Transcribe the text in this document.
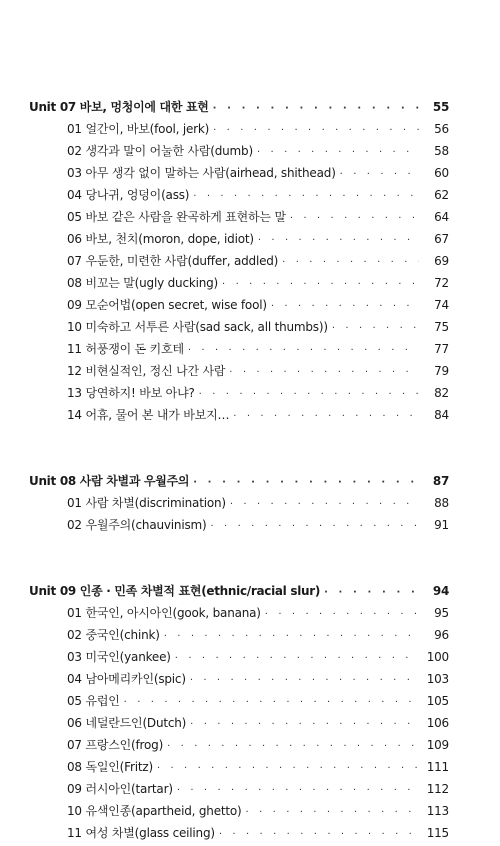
Unit 07 바보, 멍청이에 대한 표현 · · ·	55
01 얼간이, 바보(fool, jerk) · · ·	56
02 생각과 말이 어눌한 사람(dumb) · · ·	58
03 아무 생각 없이 말하는 사람(airhead, shithead) · · ·	60
04 당나귀, 엉덩이(ass) · · ·	62
05 바보 같은 사람을 완곡하게 표현하는 말 · · ·	64
06 바보, 천치(moron, dope, idiot) · · ·	67
07 우둔한, 미련한 사람(duffer, addled) · · ·	69
08 비꼬는 말(ugly ducking) · · ·	72
09 모순어법(open secret, wise fool) · · ·	74
10 미숙하고 서투른 사람(sad sack, all thumbs)) · · ·	75
11 허풍쟁이 돈 키호테 · · ·	77
12 비현실적인, 정신 나간 사람 · · ·	79
13 당연하지! 바보 아냐? · · ·	82
14 어휴, 물어 본 내가 바보지… · · ·	84
Unit 08 사람 차별과 우월주의 · · ·	87
01 사람 차별(discrimination) · · ·	88
02 우월주의(chauvinism) · · ·	91
Unit 09 인종 · 민족 차별적 표현(ethnic/racial slur) · · ·	94
01 한국인, 아시아인(gook, banana) · · ·	95
02 중국인(chink) · · ·	96
03 미국인(yankee) · · ·	100
04 남아메리카인(spic) · · ·	103
05 유럽인 · · ·	105
06 네덜란드인(Dutch) · · ·	106
07 프랑스인(frog) · · ·	109
08 독일인(Fritz) · · ·	111
09 러시아인(tartar) · · ·	112
10 유색인종(apartheid, ghetto) · · ·	113
11 여성 차별(glass ceiling) · · ·	115
